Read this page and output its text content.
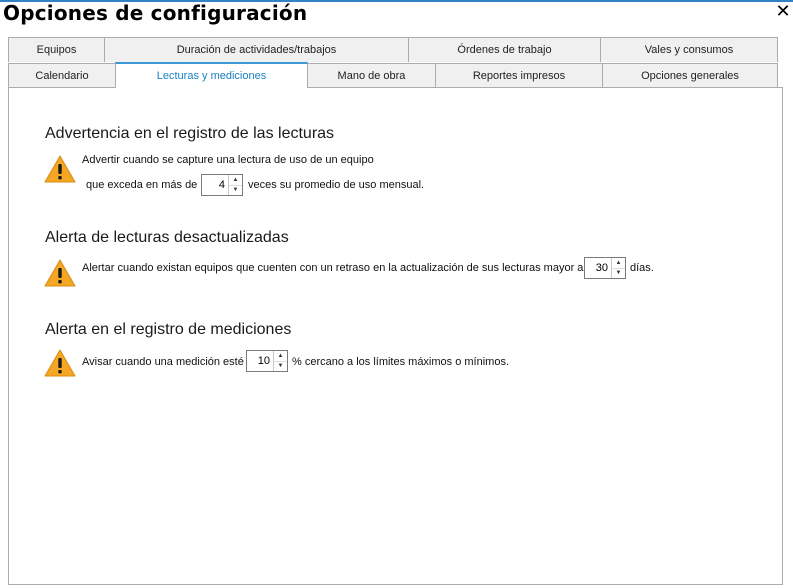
Opciones de configuración	✕
Equipos	Duración de actividades/trabajos	Órdenes de trabajo	Vales y consumos
Calendario	Lecturas y mediciones	Mano de obra	Reportes impresos	Opciones generales
Advertencia en el registro de las lecturas
Advertir cuando se capture una lectura de uso de un equipo
que exceda en más de	4	▲
▼ veces su promedio de uso mensual.
Alerta de lecturas desactualizadas
Alertar cuando existan equipos que cuenten con un retraso en la actualización de sus lecturas mayor a	30	▲
▼ días.
Alerta en el registro de mediciones
Avisar cuando una medición esté	10	▲
▼ % cercano a los límites máximos o mínimos.
